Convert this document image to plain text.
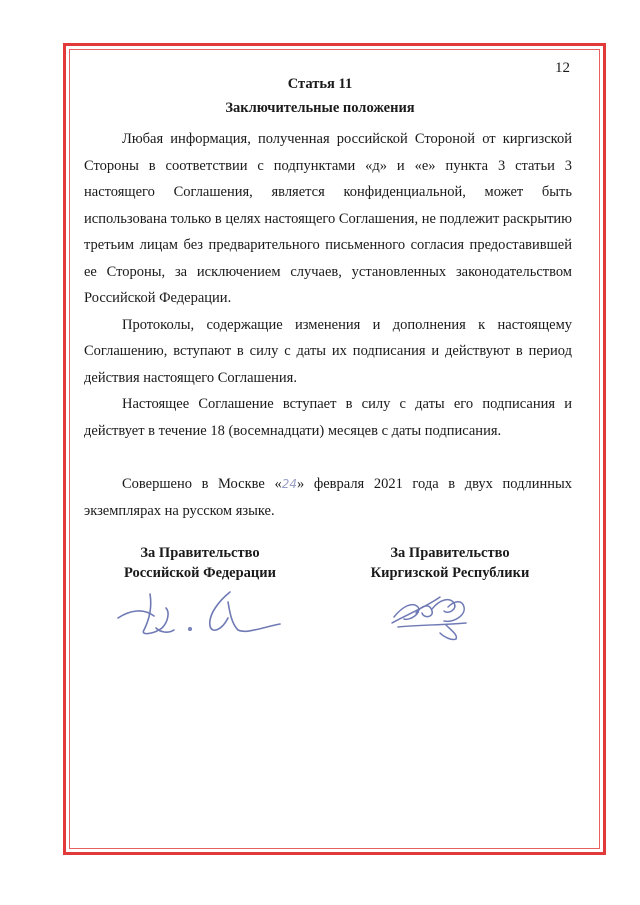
12
Статья 11
Заключительные положения

Любая информация, полученная российской Стороной от киргизской Стороны в соответствии с подпунктами «д» и «е» пункта 3 статьи 3 настоящего Соглашения, является конфиденциальной, может быть использована только в целях настоящего Соглашения, не подлежит раскрытию третьим лицам без предварительного письменного согласия предоставившей ее Стороны, за исключением случаев, установленных законодательством Российской Федерации.

Протоколы, содержащие изменения и дополнения к настоящему Соглашению, вступают в силу с даты их подписания и действуют в период действия настоящего Соглашения.

Настоящее Соглашение вступает в силу с даты его подписания и действует в течение 18 (восемнадцати) месяцев с даты подписания.

Совершено в Москве «24» февраля 2021 года в двух подлинных экземплярах на русском языке.

За Правительство
Российской Федерации
За Правительство
Киргизской Республики
